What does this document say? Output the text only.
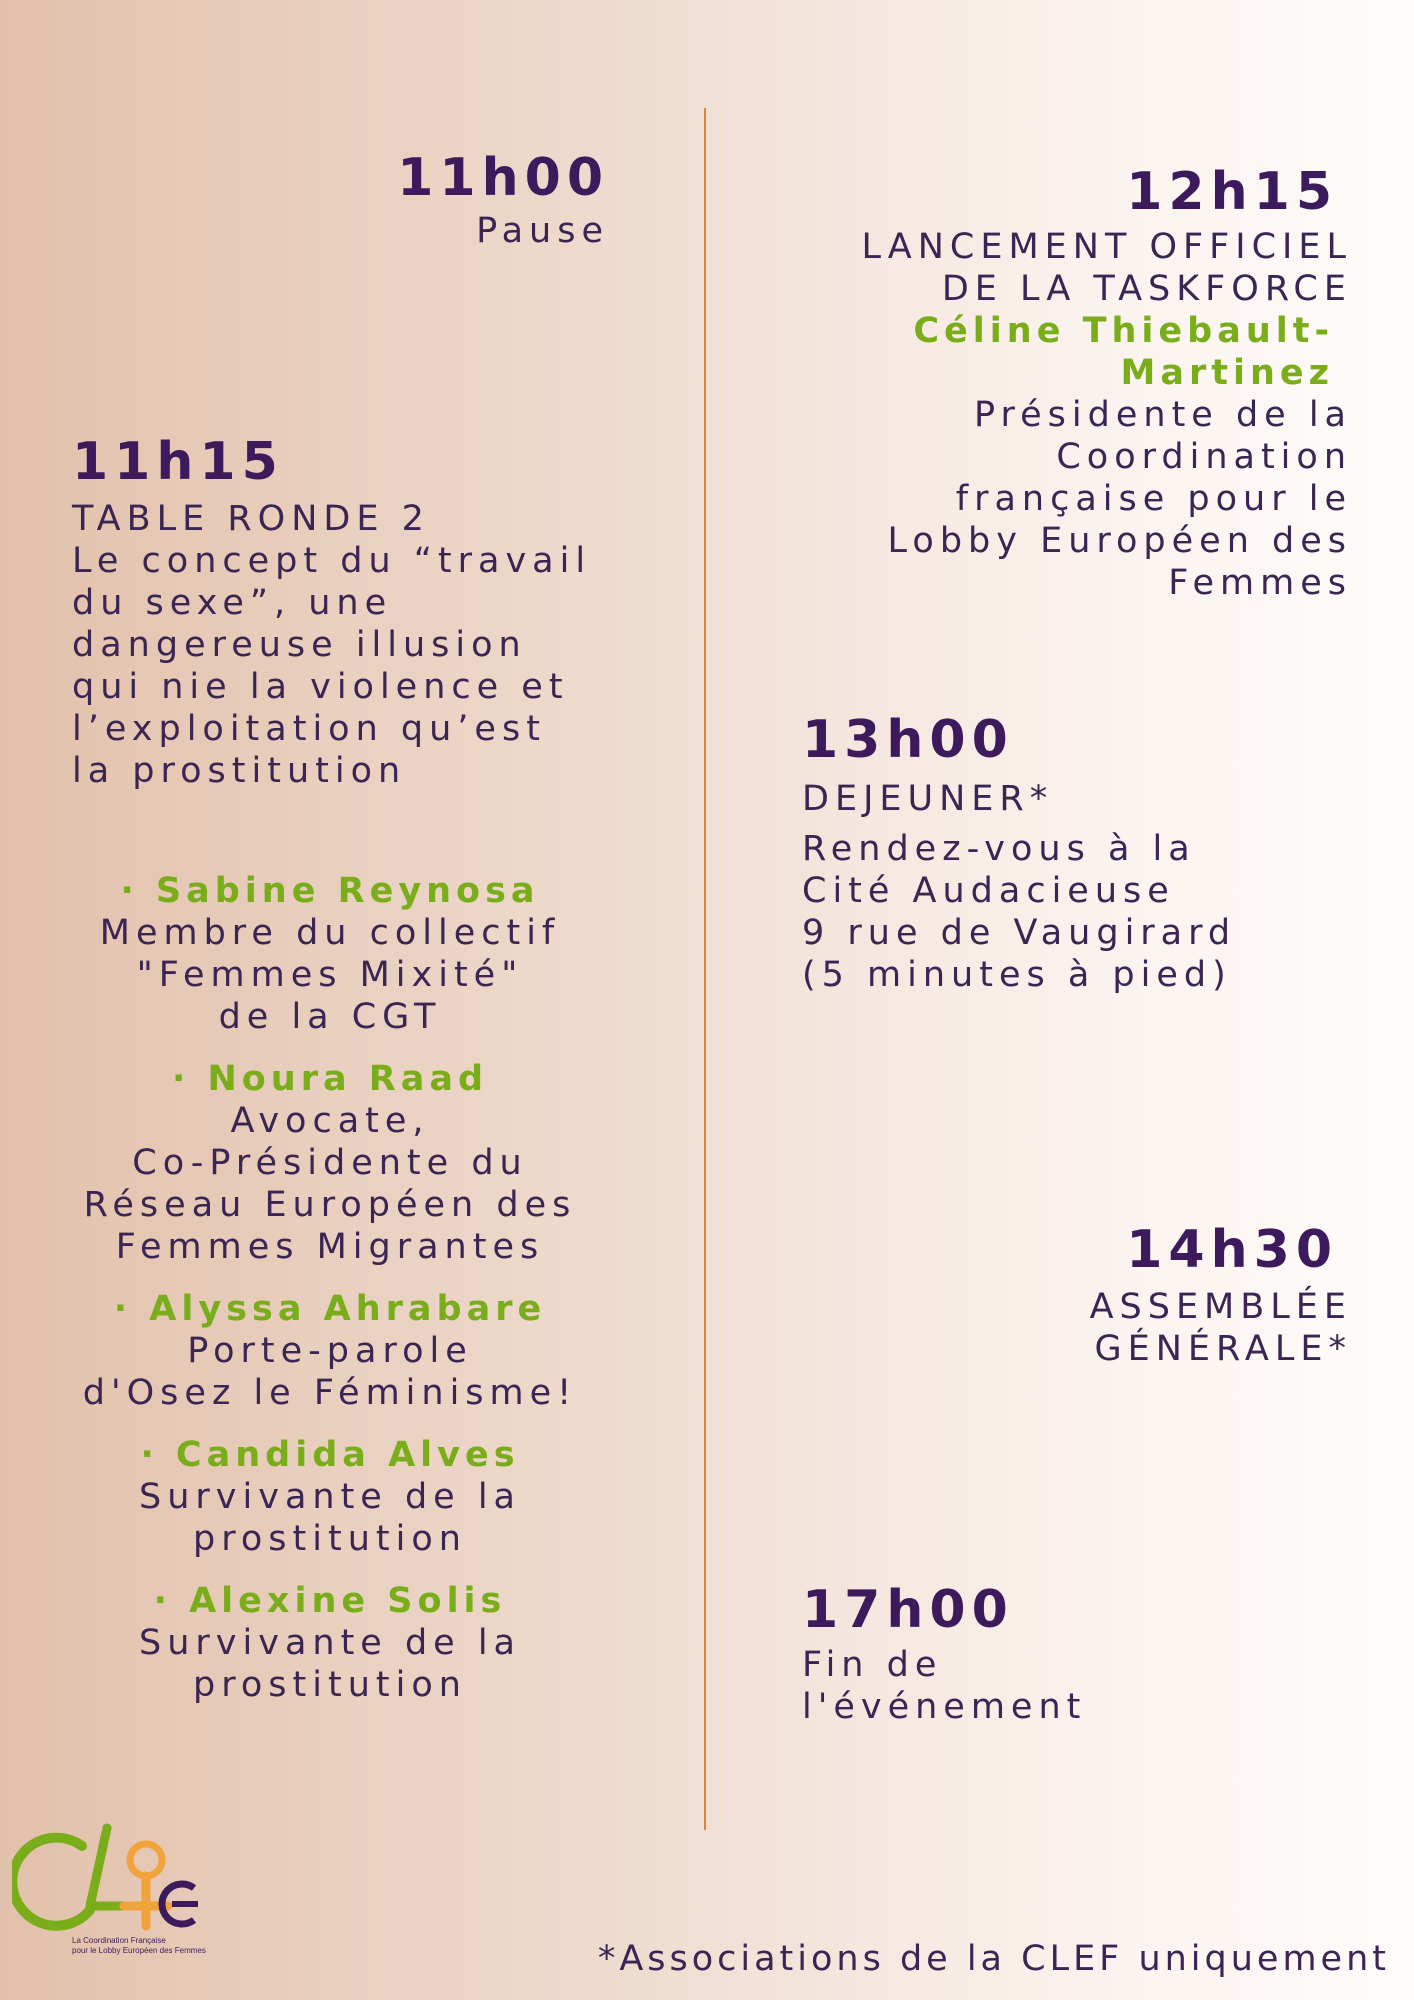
11h00
Pause
11h15
TABLE RONDE 2
Le concept du “travail
du sexe”, une
dangereuse illusion
qui nie la violence et
l’exploitation qu’est
la prostitution
· Sabine Reynosa
Membre du collectif
"Femmes Mixité"
de la CGT
· Noura Raad
Avocate,
Co-Présidente du
Réseau Européen des
Femmes Migrantes
· Alyssa Ahrabare
Porte-parole
d'Osez le Féminisme!
· Candida Alves
Survivante de la
prostitution
· Alexine Solis
Survivante de la
prostitution
12h15
LANCEMENT OFFICIEL
DE LA TASKFORCE
Céline Thiebault-
Martinez
Présidente de la
Coordination
française pour le
Lobby Européen des
Femmes
13h00
DEJEUNER*
Rendez-vous à la
Cité Audacieuse
9 rue de Vaugirard
(5 minutes à pied)
14h30
ASSEMBLÉE
GÉNÉRALE*
17h00
Fin de
l'événement
La Coordination Française
pour le Lobby Européen des Femmes	*Associations de la CLEF uniquement
